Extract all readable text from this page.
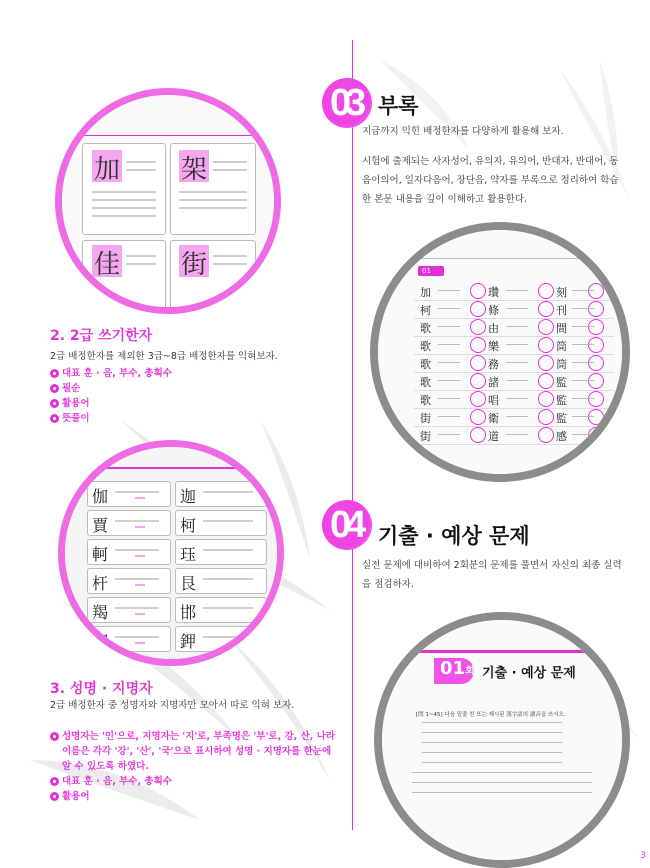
加 架
佳 街
2. 2급 쓰기한자
2급 배정한자를 제외한 3급~8급 배정한자를 익혀보자.
대표 훈 · 음, 부수, 총획수
필순
활용어
뜻풀이
伽	迦
賈	柯
軻	珏
杆	艮
羯	邯
岬	鉀
3. 성명 · 지명자
2급 배정한자 중 성명자와 지명자만 모아서 따로 익혀 보자.
성명자는 '인'으로, 지명자는 '지'로, 부족명은 '부'로, 강, 산, 나라이름은 각각 '강', '산', '국'으로 표시하여 성명 · 지명자를 한눈에 알 수 있도록 하였다.
대표 훈 · 음, 부수, 총획수
활용어
03 부록
지금까지 익힌 배정한자를 다양하게 활용해 보자.
시험에 출제되는 사자성어, 유의자, 유의어, 반대자, 반대어, 동음이의어, 일자다음어, 장단음, 약자를 부록으로 정리하여 학습한 본문 내용을 깊이 이해하고 활용한다.
01
加	瓚	刻
柯	條	刊
歌	由	間
歌	樂	筒
歌	務	筒
歌	諸	監
歌	唱	監
街	衛	監
街	道	感
04 기출 · 예상 문제
실전 문제에 대비하여 2회분의 문제를 풀면서 자신의 최종 실력을 점검하자.
01회 기출 · 예상 문제
[問 1~45] 다음 밑줄 친 또는 제시된 漢字語의 讀音을 쓰시오.
3
